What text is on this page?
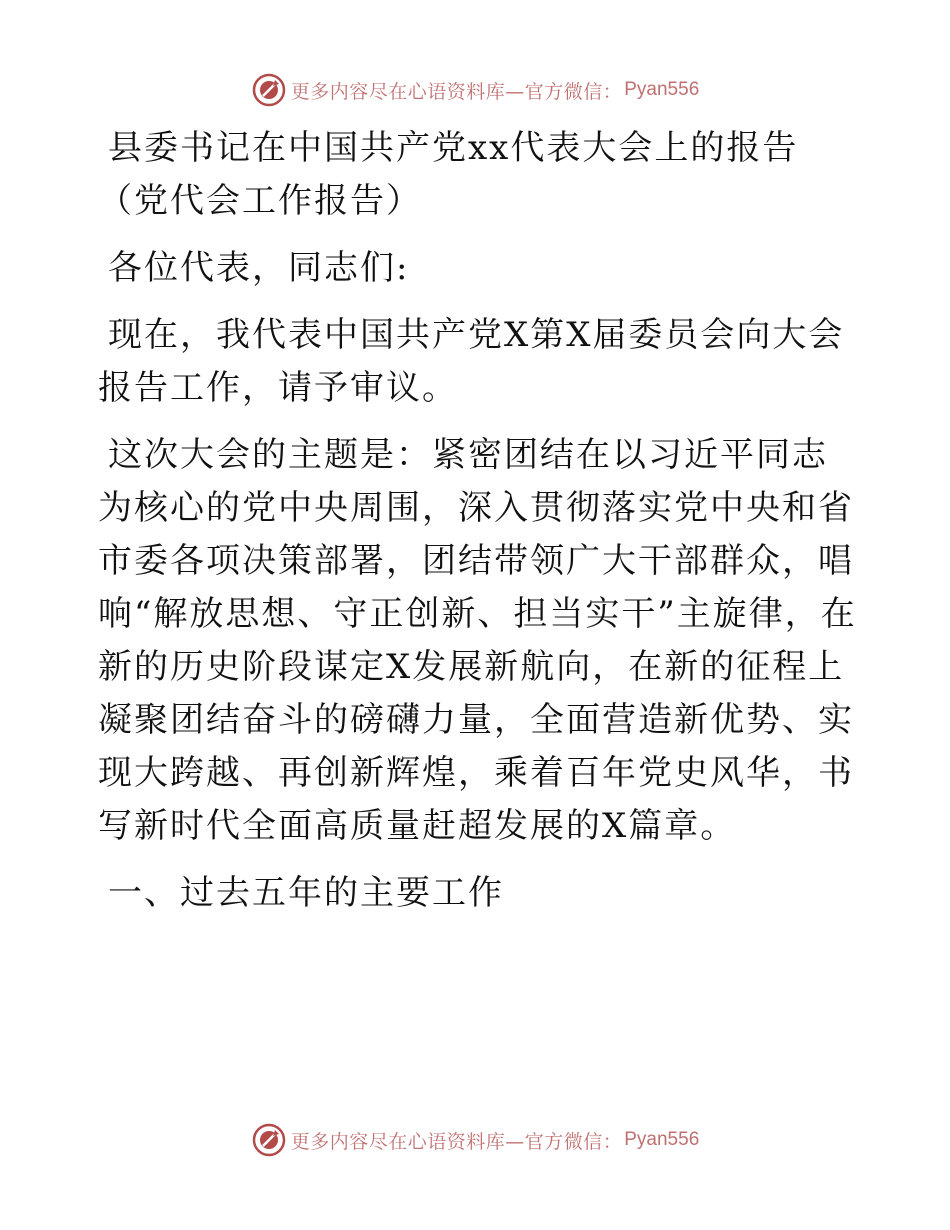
更多内容尽在心语资料库—官方微信： Pyan556

县委书记在中国共产党xx代表大会上的报告（党代会工作报告）

各位代表，同志们:

现在，我代表中国共产党X第X届委员会向大会报告工作，请予审议。

这次大会的主题是：紧密团结在以习近平同志为核心的党中央周围，深入贯彻落实党中央和省市委各项决策部署，团结带领广大干部群众，唱响“解放思想、守正创新、担当实干”主旋律，在新的历史阶段谋定X发展新航向，在新的征程上凝聚团结奋斗的磅礴力量，全面营造新优势、实现大跨越、再创新辉煌，乘着百年党史风华，书写新时代全面高质量赶超发展的X篇章。

一、过去五年的主要工作

更多内容尽在心语资料库—官方微信： Pyan556
